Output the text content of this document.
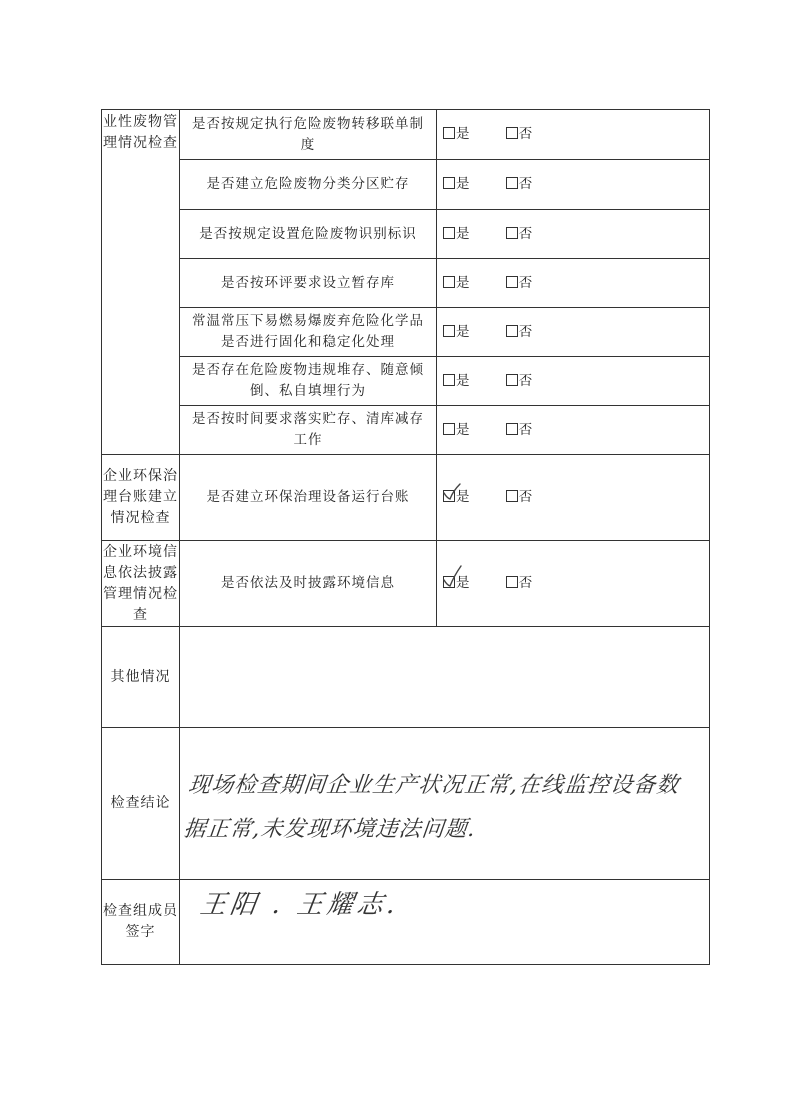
业性废物管理情况检查	是否按规定执行危险废物转移联单制度	是 否
	是否建立危险废物分类分区贮存	是 否
	是否按规定设置危险废物识别标识	是 否
	是否按环评要求设立暂存库	是 否
	常温常压下易燃易爆废弃危险化学品是否进行固化和稳定化处理	是 否
	是否存在危险废物违规堆存、随意倾倒、私自填埋行为	是 否
	是否按时间要求落实贮存、清库减存工作	是 否
企业环保治理台账建立情况检查	是否建立环保治理设备运行台账	是 否
企业环境信息依法披露管理情况检查	是否依法及时披露环境信息	是 否
其他情况		
检查结论	现场检查期间企业生产状况正常,在线监控设备数据正常,未发现环境违法问题.	

检查组成员签字	王阳 . 王耀志.	
